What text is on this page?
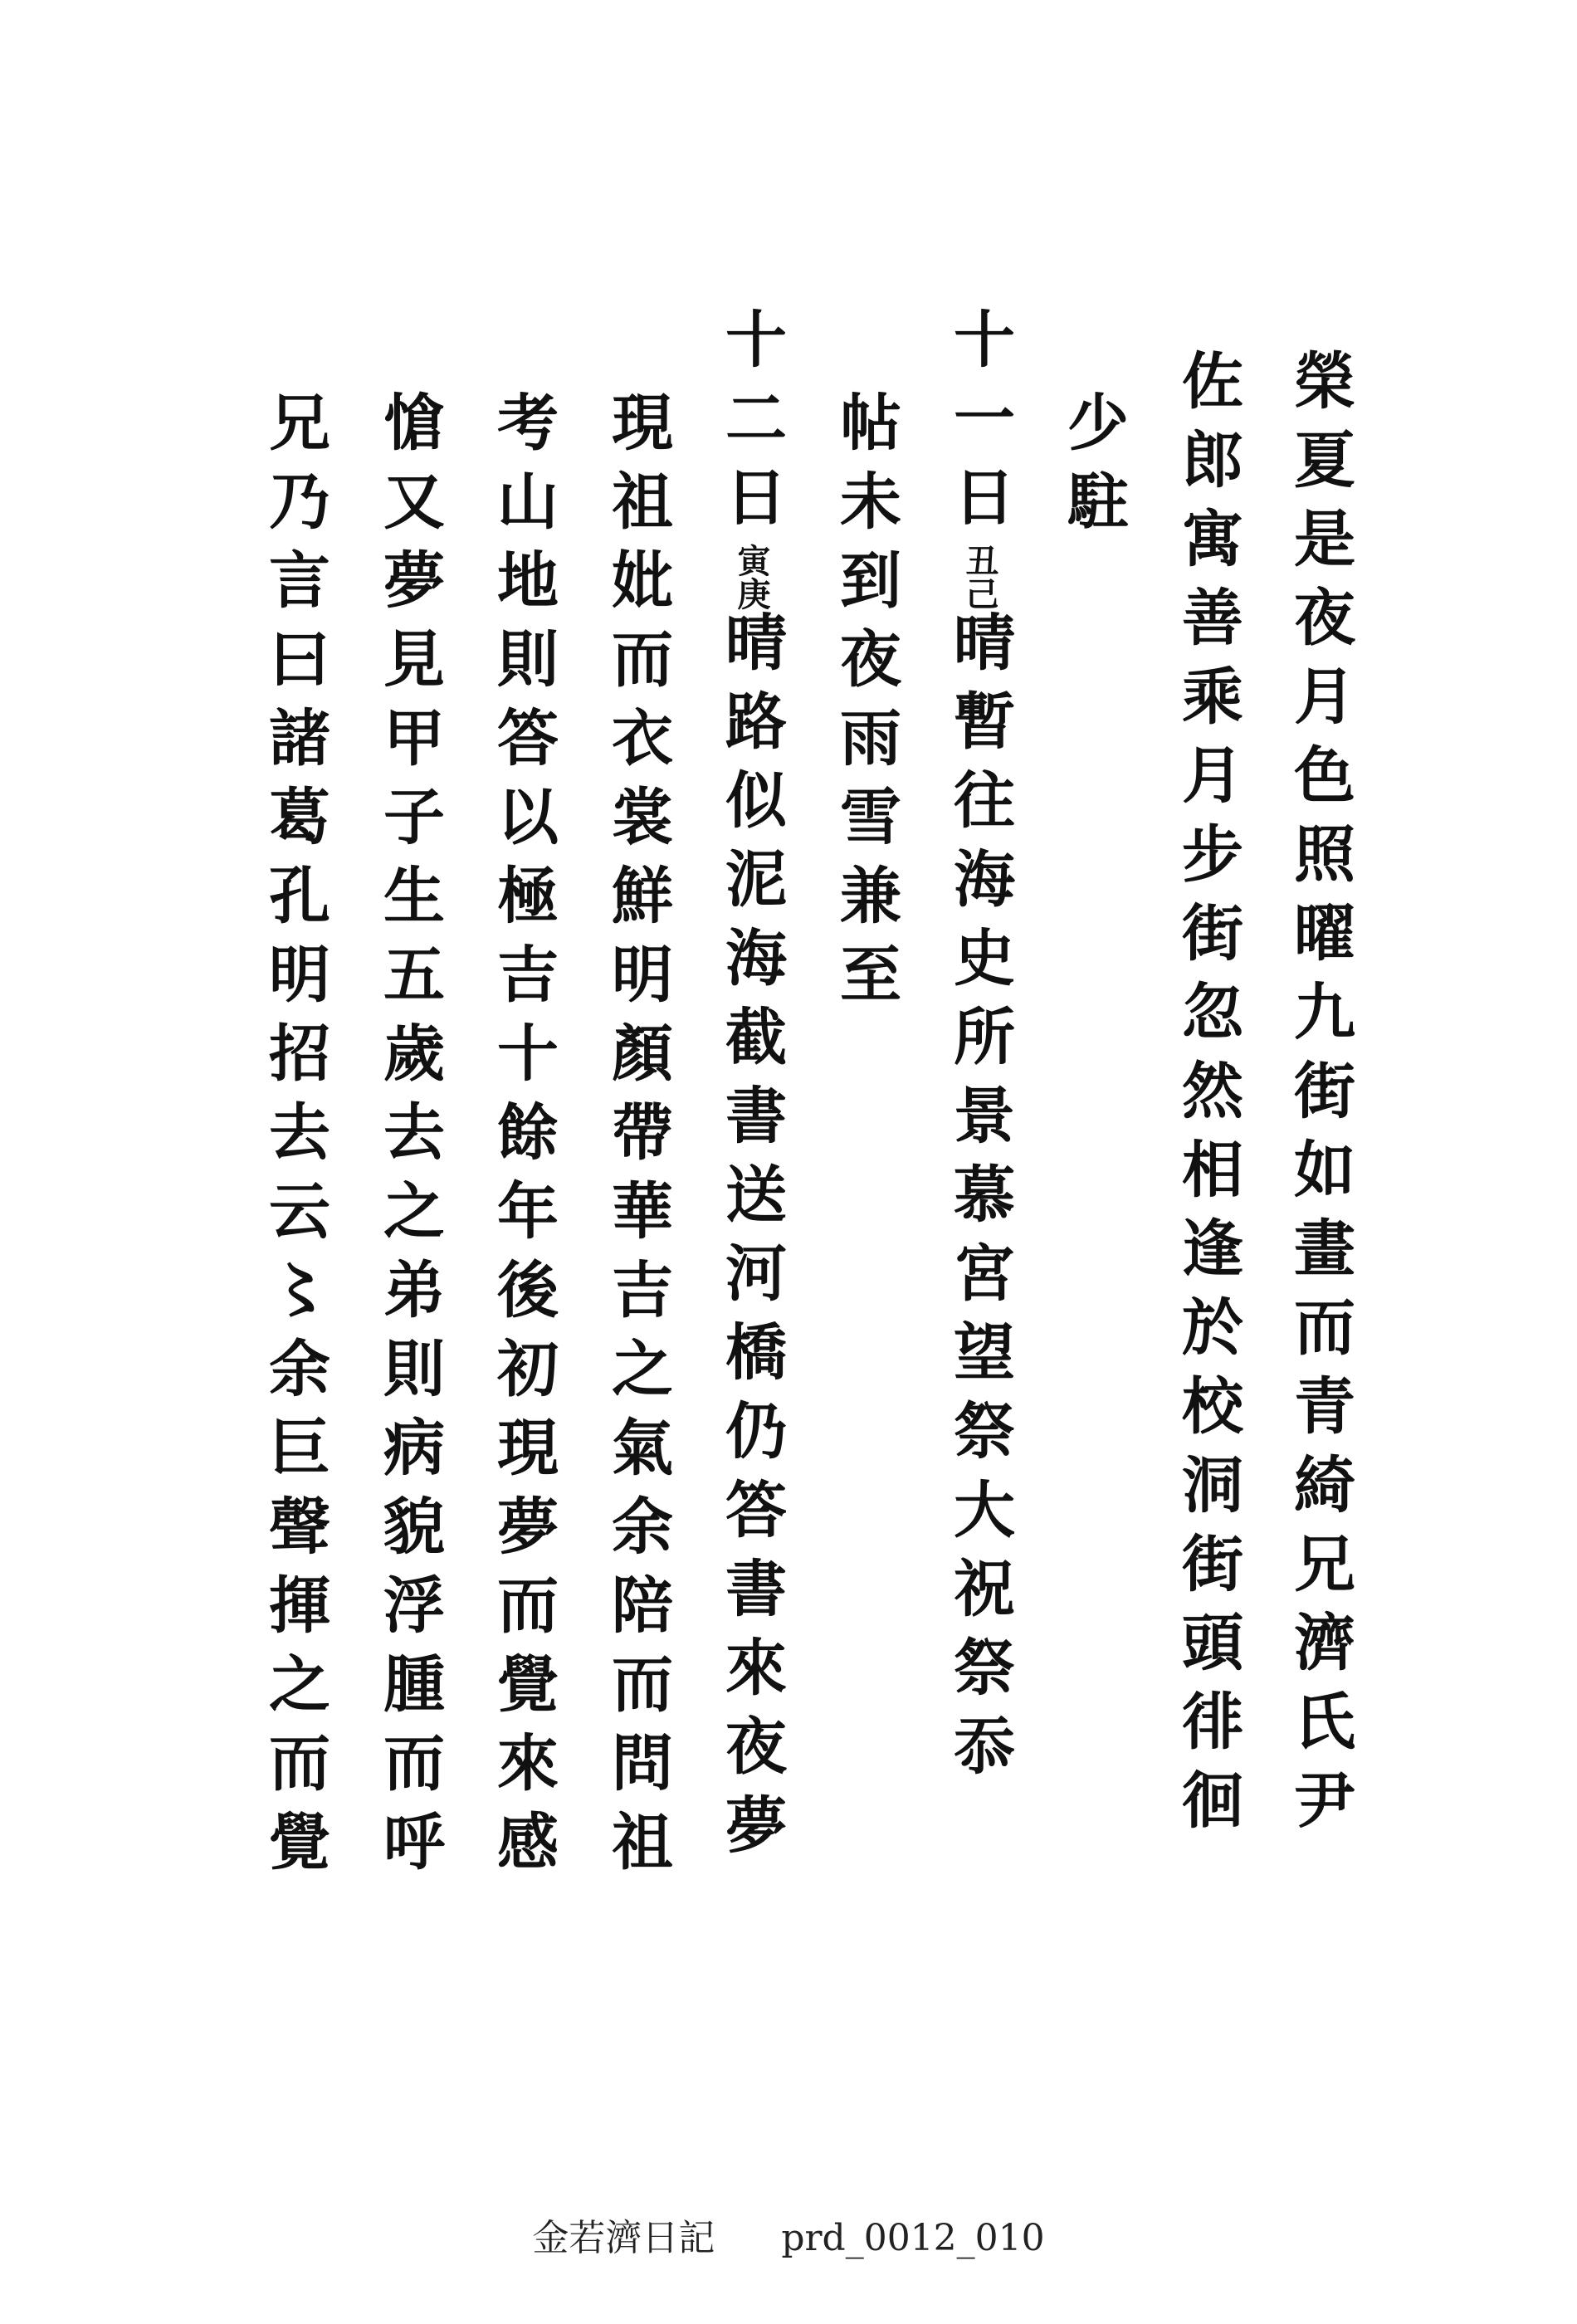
榮夏是夜月色照曜九街如畫而青綺兄濟氏尹
佐郎寓善乘月步街忽然相逢於校洞街頭徘徊
少駐
十一日丑己晴暫往海史所景慕宮望祭大祝祭忝
帖未到夜雨雪兼至
十二日寅庚晴路似泥海截書送河橋仍答書來夜夢
現祖妣而衣裳鮮明顏帶華吉之氣余陪而問祖
考山地則答以極吉十餘年後初現夢而覺來感
愴又夢見甲子生五歲去之弟則病貌浮腫而呼
兄乃言曰諸葛孔明招去云〻余巨聲揮之而覺
金若濟日記 prd_0012_010
